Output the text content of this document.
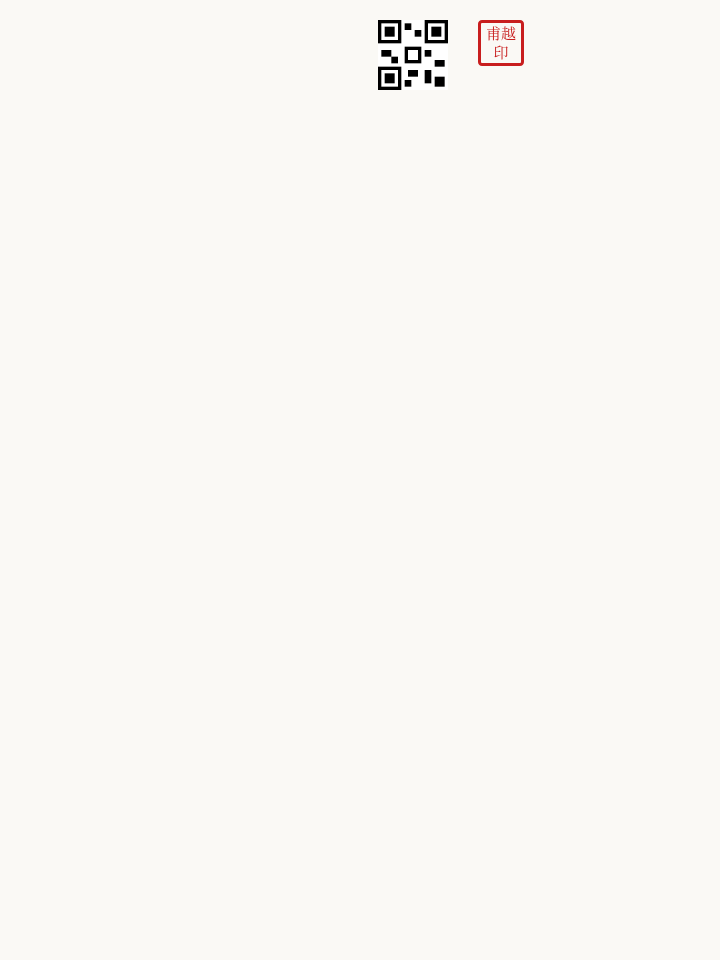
甫越
印
